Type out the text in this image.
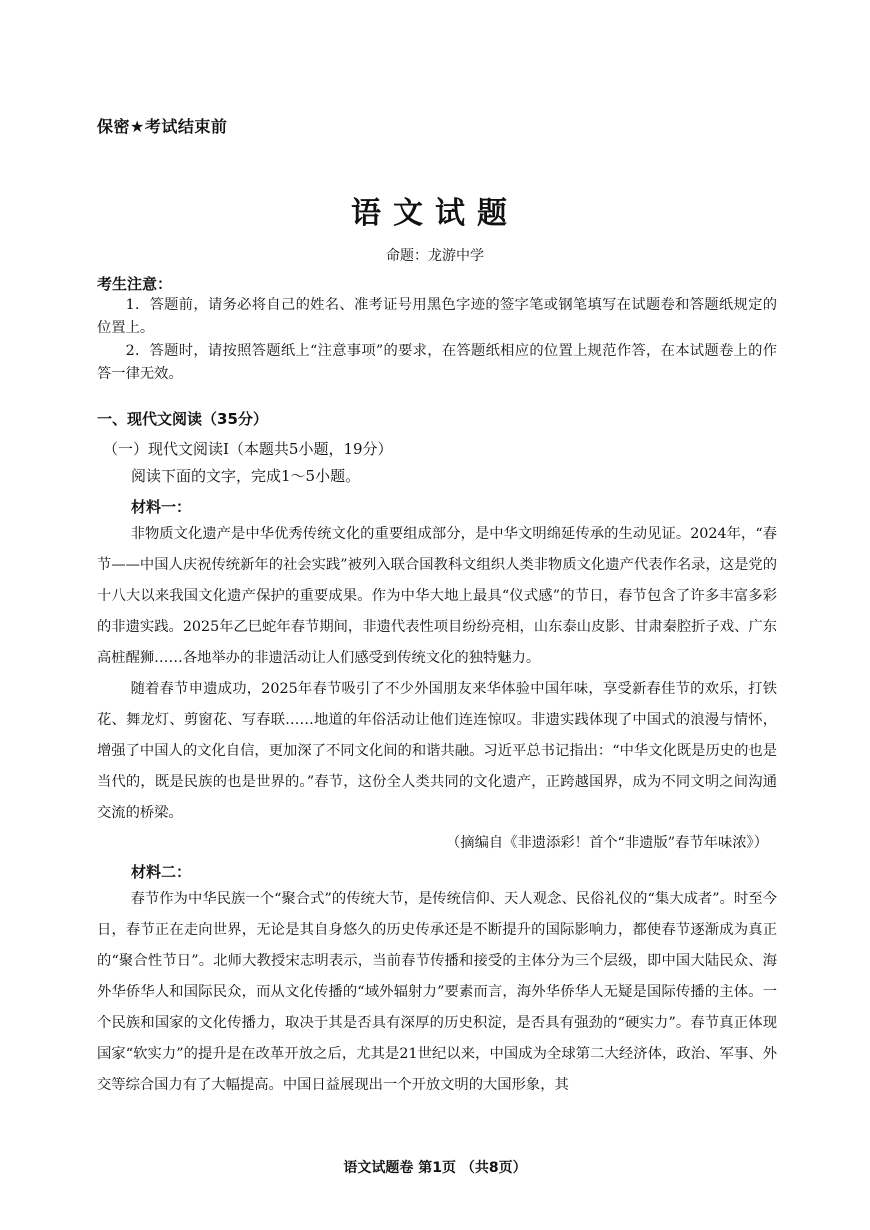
保密★考试结束前
语文试题
命题：龙游中学
考生注意：

1．答题前，请务必将自己的姓名、准考证号用黑色字迹的签字笔或钢笔填写在试题卷和答题纸规定的位置上。

2．答题时，请按照答题纸上“注意事项”的要求，在答题纸相应的位置上规范作答，在本试题卷上的作答一律无效。

一、现代文阅读（35分）
（一）现代文阅读Ⅰ（本题共5小题，19分）
阅读下面的文字，完成1～5小题。
材料一：

非物质文化遗产是中华优秀传统文化的重要组成部分，是中华文明绵延传承的生动见证。2024年，“春节——中国人庆祝传统新年的社会实践”被列入联合国教科文组织人类非物质文化遗产代表作名录，这是党的十八大以来我国文化遗产保护的重要成果。作为中华大地上最具“仪式感”的节日，春节包含了许多丰富多彩的非遗实践。2025年乙巳蛇年春节期间，非遗代表性项目纷纷亮相，山东泰山皮影、甘肃秦腔折子戏、广东高桩醒狮……各地举办的非遗活动让人们感受到传统文化的独特魅力。

随着春节申遗成功，2025年春节吸引了不少外国朋友来华体验中国年味，享受新春佳节的欢乐，打铁花、舞龙灯、剪窗花、写春联……地道的年俗活动让他们连连惊叹。非遗实践体现了中国式的浪漫与情怀，增强了中国人的文化自信，更加深了不同文化间的和谐共融。习近平总书记指出：“中华文化既是历史的也是当代的，既是民族的也是世界的。”春节，这份全人类共同的文化遗产，正跨越国界，成为不同文明之间沟通交流的桥梁。

（摘编自《非遗添彩！首个“非遗版”春节年味浓》）
材料二：

春节作为中华民族一个“聚合式”的传统大节，是传统信仰、天人观念、民俗礼仪的“集大成者”。时至今日，春节正在走向世界，无论是其自身悠久的历史传承还是不断提升的国际影响力，都使春节逐渐成为真正的“聚合性节日”。北师大教授宋志明表示，当前春节传播和接受的主体分为三个层级，即中国大陆民众、海外华侨华人和国际民众，而从文化传播的“域外辐射力”要素而言，海外华侨华人无疑是国际传播的主体。一个民族和国家的文化传播力，取决于其是否具有深厚的历史积淀，是否具有强劲的“硬实力”。春节真正体现国家“软实力”的提升是在改革开放之后，尤其是21世纪以来，中国成为全球第二大经济体，政治、军事、外交等综合国力有了大幅提高。中国日益展现出一个开放文明的大国形象，其

语文试题卷 第1页 （共8页）
